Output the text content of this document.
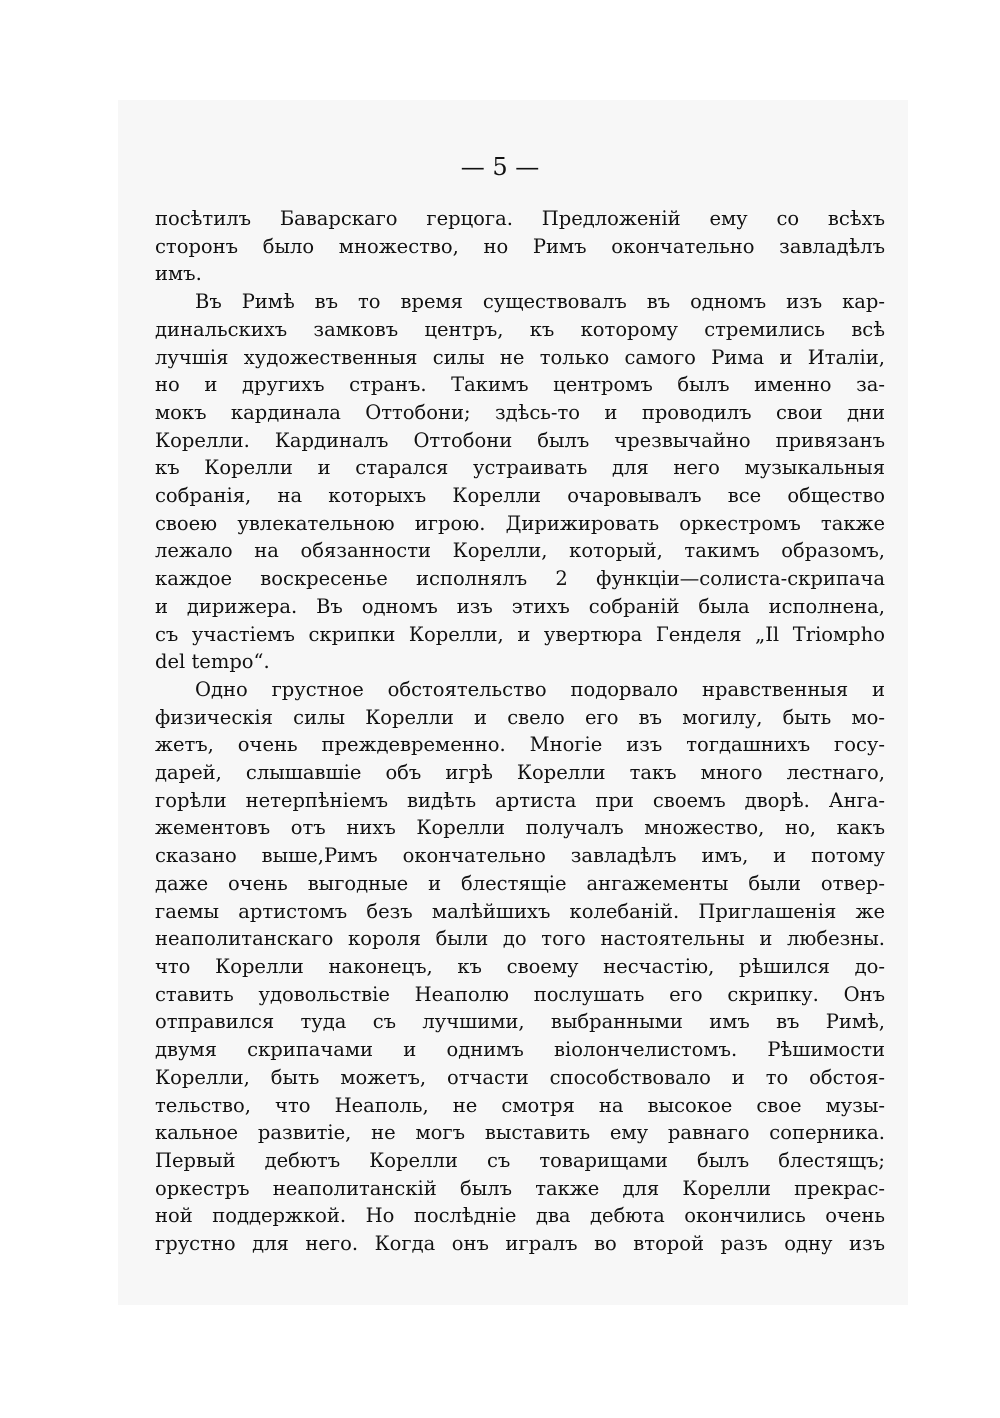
— 5 —
посѣтилъ Баварскаго герцога. Предложеній ему со всѣхъ
сторонъ было множество, но Римъ окончательно завладѣлъ
имъ.
Въ Римѣ въ то время существовалъ въ одномъ изъ кар-
динальскихъ замковъ центръ, къ которому стремились всѣ
лучшія художественныя силы не только самого Рима и Италіи,
но и другихъ странъ. Такимъ центромъ былъ именно за-
мокъ кардинала Оттобони; здѣсь-то и проводилъ свои дни
Корелли. Кардиналъ Оттобони былъ чрезвычайно привязанъ
къ Корелли и старался устраивать для него музыкальныя
собранія, на которыхъ Корелли очаровывалъ все общество
своею увлекательною игрою. Дирижировать оркестромъ также
лежало на обязанности Корелли, который, такимъ образомъ,
каждое воскресенье исполнялъ 2 функціи—солиста-скрипача
и дирижера. Въ одномъ изъ этихъ собраній была исполнена,
съ участіемъ скрипки Корелли, и увертюра Генделя „Il Trioмpho
del tempo“.
Одно грустное обстоятельство подорвало нравственныя и
физическія силы Корелли и свело его въ могилу, быть мо-
жетъ, очень преждевременно. Многіе изъ тогдашнихъ госу-
дарей, слышавшіе объ игрѣ Корелли такъ много лестнаго,
горѣли нетерпѣніемъ видѣть артиста при своемъ дворѣ. Анга-
жементовъ отъ нихъ Корелли получалъ множество, но, какъ
сказано выше,Римъ окончательно завладѣлъ имъ, и потому
даже очень выгодные и блестящіе ангажементы были отвер-
гаемы артистомъ безъ малѣйшихъ колебаній. Приглашенія же
неаполитанскаго короля были до того настоятельны и любезны.
что Корелли наконецъ, къ своему несчастію, рѣшился до-
ставить удовольствіе Неаполю послушать его скрипку. Онъ
отправился туда съ лучшими, выбранными имъ въ Римѣ,
двумя скрипачами и однимъ віолончелистомъ. Рѣшимости
Корелли, быть можетъ, отчасти способствовало и то обстоя-
тельство, что Неаполь, не смотря на высокое свое музы-
кальное развитіе, не могъ выставить ему равнаго соперника.
Первый дебютъ Корелли съ товарищами былъ блестящъ;
оркестръ неаполитанскій былъ также для Корелли прекрас-
ной поддержкой. Но послѣдніе два дебюта окончились очень
грустно для него. Когда онъ игралъ во второй разъ одну изъ
